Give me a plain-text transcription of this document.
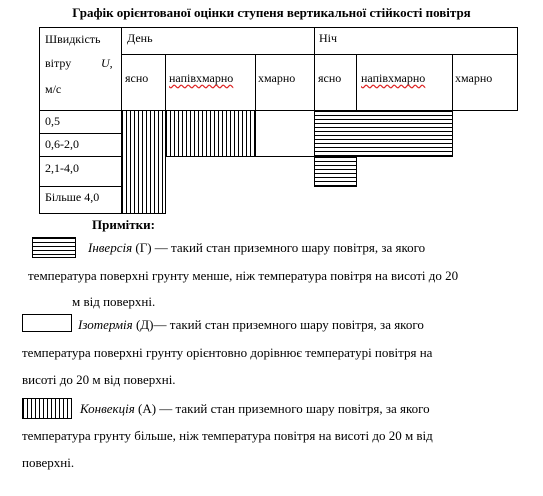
Графік орієнтованої оцінки ступеня вертикальної стійкості повітря
Швидкість
вітру U,
м/с
День	Ніч
ясно напівхмарно хмарно ясно напівхмарно хмарно
0,5
0,6-2,0
2,1-4,0
Більше 4,0
Примітки:
Інверсія (Г) — такий стан приземного шару повітря, за якого
температура поверхні грунту менше, ніж температура повітря на висоті до 20
м від поверхні.
Ізотермія (Д)— такий стан приземного шару повітря, за якого
температура поверхні грунту орієнтовно дорівнює температурі повітря на
висоті до 20 м від поверхні.
Конвекція (А) — такий стан приземного шару повітря, за якого
температура грунту більше, ніж температура повітря на висоті до 20 м від
поверхні.
